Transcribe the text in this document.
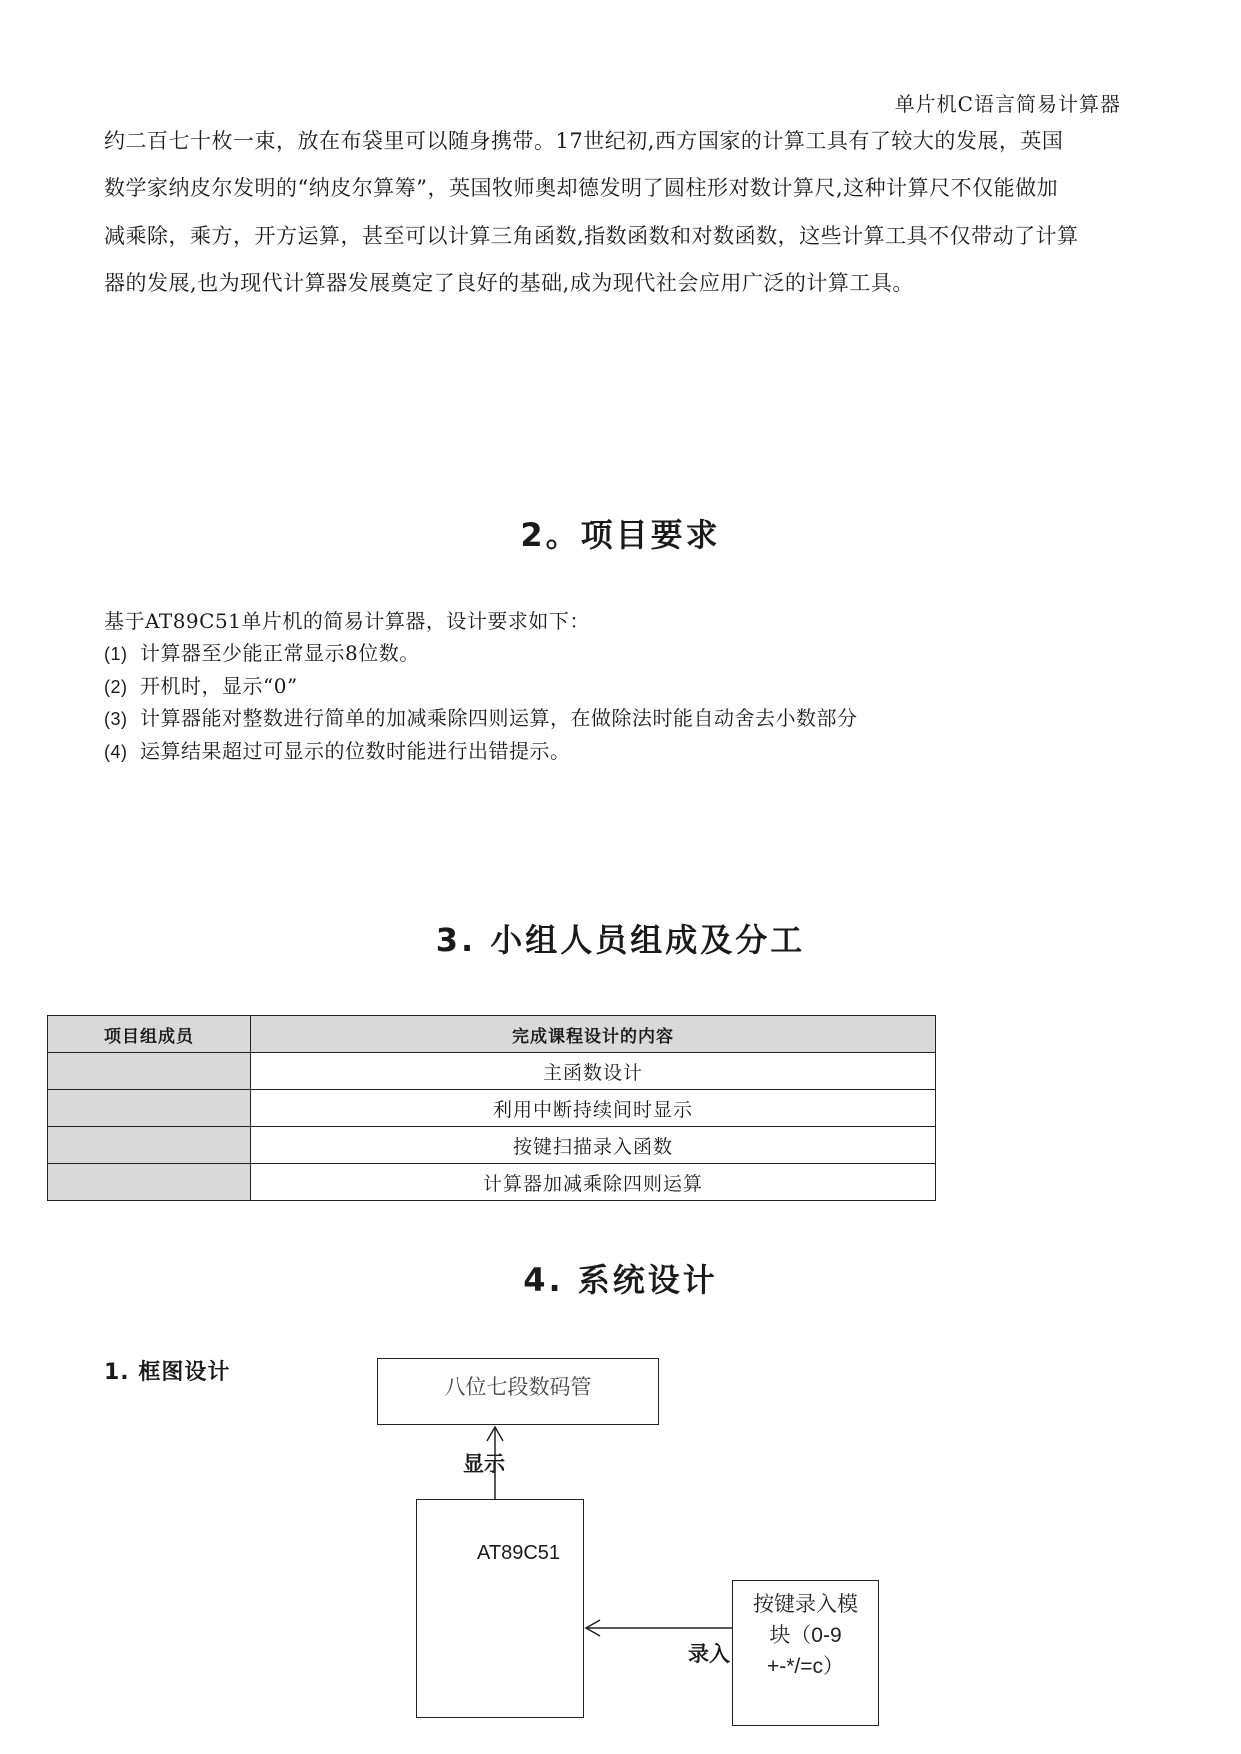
单片机C语言简易计算器
约二百七十枚一束，放在布袋里可以随身携带。17世纪初,西方国家的计算工具有了较大的发展，英国
数学家纳皮尔发明的“纳皮尔算筹”，英国牧师奥却德发明了圆柱形对数计算尺,这种计算尺不仅能做加
减乘除，乘方，开方运算，甚至可以计算三角函数,指数函数和对数函数，这些计算工具不仅带动了计算
器的发展,也为现代计算器发展奠定了良好的基础,成为现代社会应用广泛的计算工具。
2。项目要求
基于AT89C51单片机的简易计算器，设计要求如下：
(1) 计算器至少能正常显示8位数。
(2) 开机时，显示“0”
(3) 计算器能对整数进行简单的加减乘除四则运算，在做除法时能自动舍去小数部分
(4) 运算结果超过可显示的位数时能进行出错提示。
3. 小组人员组成及分工
项目组成员	完成课程设计的内容
	主函数设计
	利用中断持续间时显示
	按键扫描录入函数
	计算器加减乘除四则运算
4. 系统设计
1. 框图设计
八位七段数码管
显示
AT89C51
按键录入模
块（0-9
+-*/=c）
录入
